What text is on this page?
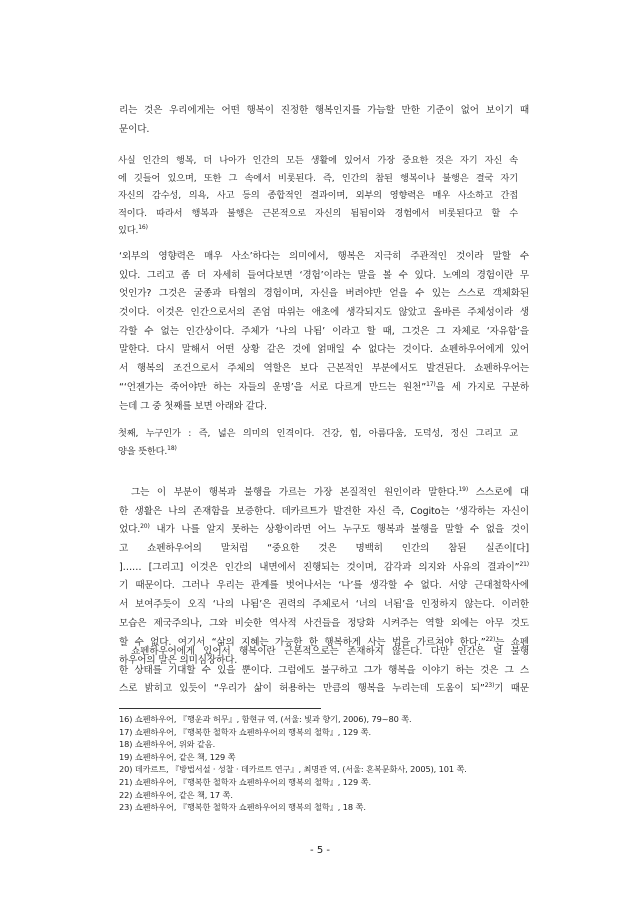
리는 것은 우리에게는 어떤 행복이 진정한 행복인지를 가늠할 만한 기준이 없어 보이기 때

문이다.

사실 인간의 행복, 더 나아가 인간의 모든 생활에 있어서 가장 중요한 것은 자기 자신 속

에 깃들어 있으며, 또한 그 속에서 비롯된다. 즉, 인간의 참된 행복이나 불행은 결국 자기

자신의 감수성, 의욕, 사고 등의 종합적인 결과이며, 외부의 영향력은 매우 사소하고 간접

적이다. 따라서 행복과 불행은 근본적으로 자신의 됨됨이와 경험에서 비롯된다고 할 수

있다.$^{16)}$

‘외부의 영향력은 매우 사소’하다는 의미에서, 행복은 지극히 주관적인 것이라 말할 수

있다. 그리고 좀 더 자세히 들여다보면 ‘경험’이라는 말을 볼 수 있다. 노예의 경험이란 무

엇인가? 그것은 굴종과 타협의 경험이며, 자신을 버려야만 얻을 수 있는 스스로 객체화된

것이다. 이것은 인간으로서의 존엄 따위는 애초에 생각되지도 않았고 올바른 주체성이라 생

각할 수 없는 인간상이다. 주체가 ‘나의 나됨’ 이라고 할 때, 그것은 그 자체로 ‘자유함’을

말한다. 다시 말해서 어떤 상황 같은 것에 얽매일 수 없다는 것이다. 쇼펜하우어에게 있어

서 행복의 조건으로서 주체의 역할은 보다 근본적인 부분에서도 발견된다. 쇼펜하우어는

“‘언젠가는 죽어야만 하는 자들의 운명’을 서로 다르게 만드는 원천”$^{17)}$을 세 가지로 구분하

는데 그 중 첫째를 보면 아래와 같다.

첫째, 누구인가 : 즉, 넓은 의미의 인격이다. 건강, 힘, 아름다움, 도덕성, 정신 그리고 교

양을 뜻한다.$^{18)}$

그는 이 부분이 행복과 불행을 가르는 가장 본질적인 원인이라 말한다.$^{19)}$ 스스로에 대

한 생활은 나의 존재함을 보증한다. 데카르트가 발견한 자신 즉, Cogito는 ‘생각하는 자신이

었다.$^{20)}$ 내가 나를 알지 못하는 상황이라면 어느 누구도 행복과 불행을 말할 수 없을 것이

고 쇼펜하우어의 말처럼 “중요한 것은 명백히 인간의 참된 실존이[다]

]…… [그리고] 이것은 인간의 내면에서 진행되는 것이며, 감각과 의지와 사유의 결과이”$^{21)}$

기 때문이다. 그러나 우리는 관계를 벗어나서는 ‘나’를 생각할 수 없다. 서양 근대철학사에

서 보여주듯이 오직 ‘나의 나됨’은 권력의 주체로서 ‘너의 너됨’을 인정하지 않는다. 이러한

모습은 제국주의나, 그와 비슷한 역사적 사건들을 정당화 시켜주는 역할 외에는 아무 것도

할 수 없다. 여기서 “삶의 지혜는 가능한 한 행복하게 사는 법을 가르쳐야 한다.”$^{22)}$는 쇼펜

하우어의 말은 의미심장하다.

쇼펜하우어에게 있어서 행복이란 근본적으로는 존재하지 않는다. 다만 인간은 덜 불행

한 상태를 기대할 수 있을 뿐이다. 그럼에도 불구하고 그가 행복을 이야기 하는 것은 그 스

스로 밝히고 있듯이 “우리가 삶이 허용하는 만큼의 행복을 누리는데 도움이 되”$^{23)}$기 때문

16) 쇼펜하우어, 『행운과 허무』, 함현규 역, (서울: 빛과 향기, 2006), 79~80 쪽.

17) 쇼펜하우어, 『행복한 철학자 쇼펜하우어의 행복의 철학』, 129 쪽.

18) 쇼펜하우어, 위와 같음.

19) 쇼펜하우어, 같은 책, 129 쪽

20) 데카르트, 『방법서설 · 성찰 · 데카르트 연구』, 최명관 역, (서울: 혼복문화사, 2005), 101 쪽.

21) 쇼펜하우어, 『행복한 철학자 쇼펜하우어의 행복의 철학』, 129 쪽.

22) 쇼펜하우어, 같은 책, 17 쪽.

23) 쇼펜하우어, 『행복한 철학자 쇼펜하우어의 행복의 철학』, 18 쪽.

- 5 -
